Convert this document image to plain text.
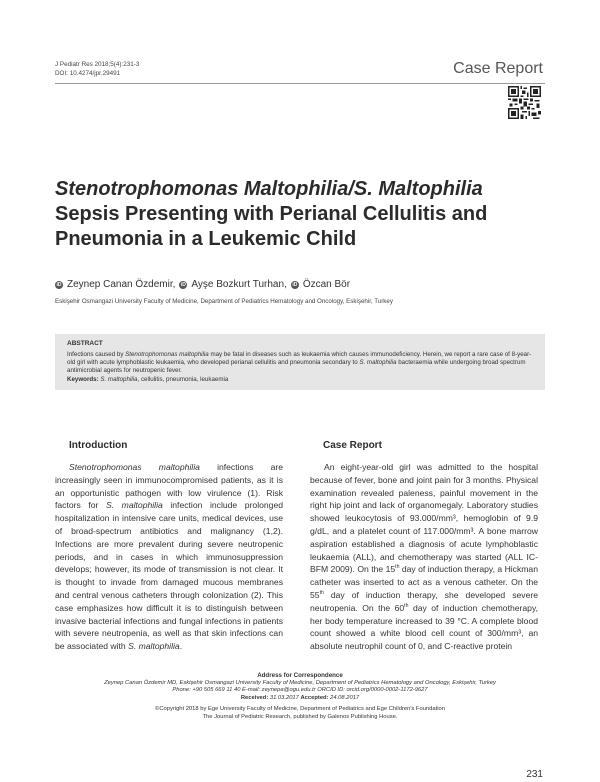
J Pediatr Res 2018;5(4):231-3
DOI: 10.4274/jpr.29491	Case Report
Stenotrophomonas Maltophilia/S. Maltophilia
Sepsis Presenting with Perianal Cellulitis and
Pneumonia in a Leukemic Child
iD Zeynep Canan Özdemir,	iD Ayşe Bozkurt Turhan,	iD Özcan Bör
Eskişehir Osmangazi University Faculty of Medicine, Department of Pediatrics Hematology and Oncology, Eskişehir, Turkey
ABSTRACT

Infections caused by Stenotrophomonas maltophilia may be fatal in diseases such as leukaemia which causes immunodeficiency. Herein, we report a rare case of 8-year-old girl with acute lymphoblastic leukaemia, who developed perianal cellulitis and pneumonia secondary to S. maltophilia bacteraemia while undergoing broad spectrum antimicrobial agents for neutropenic fever.

Keywords: S. maltophilia, cellulitis, pneumonia, leukaemia

Introduction	Case Report

Stenotrophomonas maltophilia infections are increasingly seen in immunocompromised patients, as it is an opportunistic pathogen with low virulence (1). Risk factors for S. maltophilia infection include prolonged hospitalization in intensive care units, medical devices, use of broad-spectrum antibiotics and malignancy (1,2). Infections are more prevalent during severe neutropenic periods, and in cases in which immunosuppression develops; however, its mode of transmission is not clear. It is thought to invade from damaged mucous membranes and central venous catheters through colonization (2). This case emphasizes how difficult it is to distinguish between invasive bacterial infections and fungal infections in patients with severe neutropenia, as well as that skin infections can be associated with S. maltophilia.

An eight-year-old girl was admitted to the hospital because of fever, bone and joint pain for 3 months. Physical examination revealed paleness, painful movement in the right hip joint and lack of organomegaly. Laboratory studies showed leukocytosis of 93.000/mm³, hemoglobin of 9.9 g/dL, and a platelet count of 117.000/mm³. A bone marrow aspiration established a diagnosis of acute lymphoblastic leukaemia (ALL), and chemotherapy was started (ALL IC-BFM 2009). On the 15th day of induction therapy, a Hickman catheter was inserted to act as a venous catheter. On the 55th day of induction therapy, she developed severe neutropenia. On the 60th day of induction chemotherapy, her body temperature increased to 39 °C. A complete blood count showed a white blood cell count of 300/mm³, an absolute neutrophil count of 0, and C-reactive protein

Address for Correspondence
Zeynep Canan Özdemir MD, Eskişehir Osmangazi University Faculty of Medicine, Department of Pediatrics Hematology and Oncology, Eskişehir, Turkey
Phone: +90 505 669 11 40 E-mail: zeynepa@ogu.edu.tr ORCID ID: orcid.org/0000-0002-1172-9627
Received: 31.03.2017 Accepted: 24.08.2017
©Copyright 2018 by Ege University Faculty of Medicine, Department of Pediatrics and Ege Children's Foundation
The Journal of Pediatric Research, published by Galenos Publishing House.
231
